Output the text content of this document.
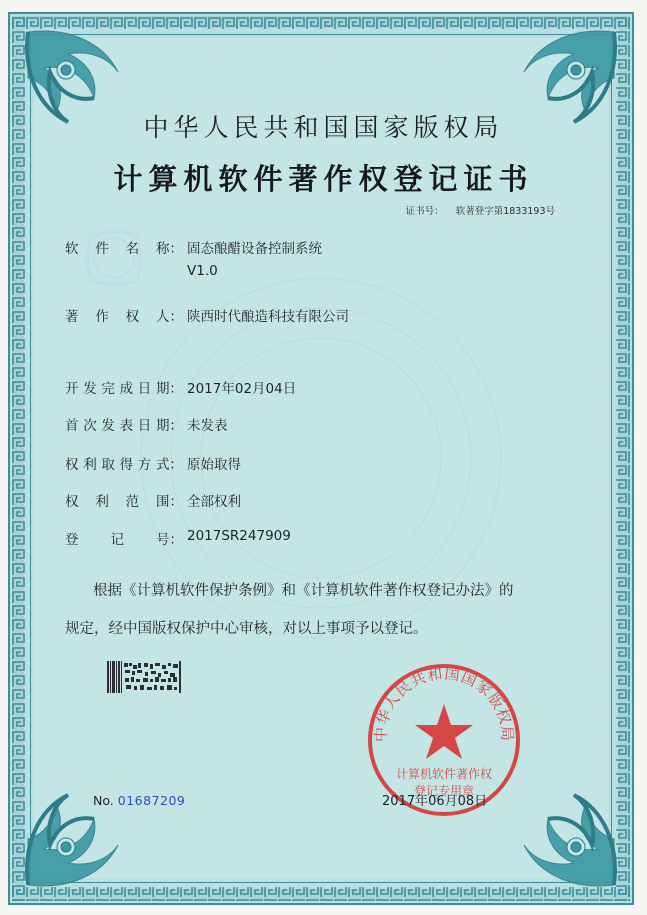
中华人民共和国国家版权局
计算机软件著作权登记证书
证书号： 软著登字第1833193号
软 件 名 称： 固态酿醋设备控制系统
V1.0
著 作 权 人： 陕西时代酿造科技有限公司
开 发 完 成 日 期： 2017年02月04日
首 次 发 表 日 期： 未发表
权 利 取 得 方 式： 原始取得
权 利 范 围： 全部权利
登 记 号： 2017SR247909
根据《计算机软件保护条例》和《计算机软件著作权登记办法》的
规定，经中国版权保护中心审核，对以上事项予以登记。
No. 01687209
中华人民共和国国家版权局
计算机软件著作权
登记专用章
2017年06月08日
